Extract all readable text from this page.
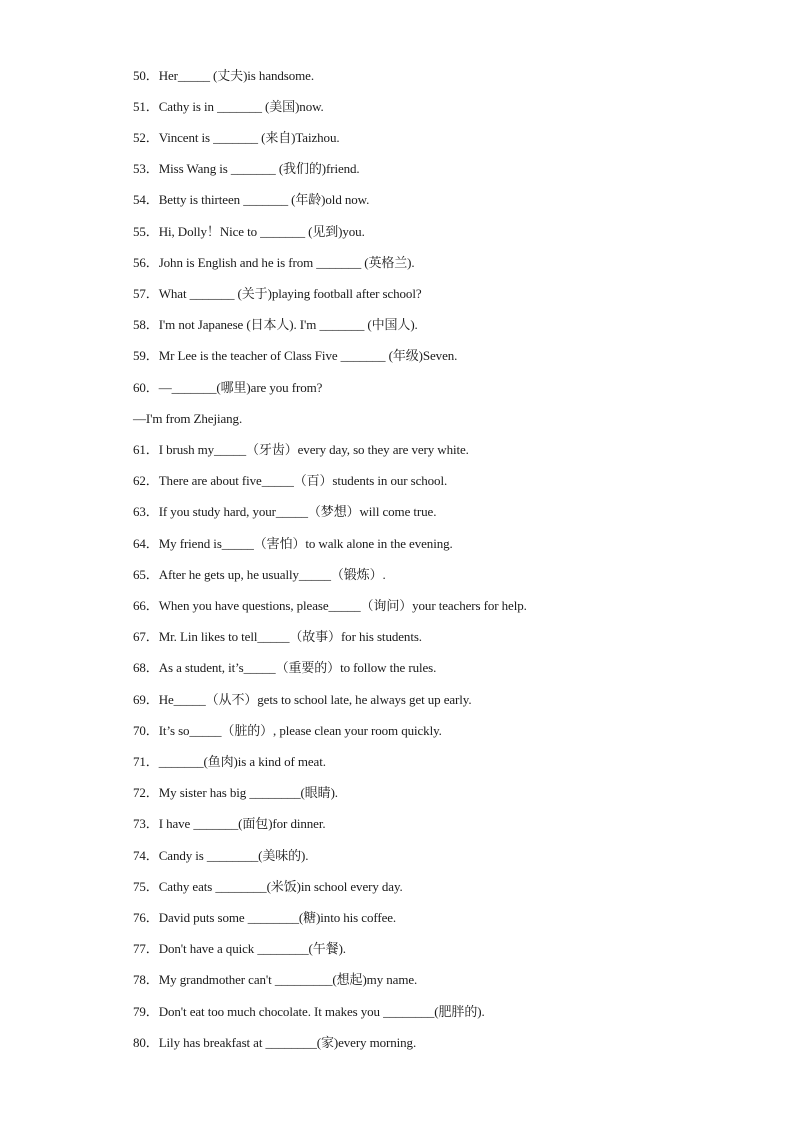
50．Her_____ (丈夫)is handsome.
51．Cathy is in _______ (美国)now.
52．Vincent is _______ (来自)Taizhou.
53．Miss Wang is _______ (我们的)friend.
54．Betty is thirteen _______ (年龄)old now.
55．Hi, Dolly！Nice to _______ (见到)you.
56．John is English and he is from _______ (英格兰).
57．What _______ (关于)playing football after school?
58．I'm not Japanese (日本人). I'm _______ (中国人).
59．Mr Lee is the teacher of Class Five _______ (年级)Seven.
60．—_______(哪里)are you from?
—I'm from Zhejiang.
61．I brush my_____（牙齿）every day, so they are very white.
62．There are about five_____（百）students in our school.
63．If you study hard, your_____（梦想）will come true.
64．My friend is_____（害怕）to walk alone in the evening.
65．After he gets up, he usually_____（锻炼）.
66．When you have questions, please_____（询问）your teachers for help.
67．Mr. Lin likes to tell_____（故事）for his students.
68．As a student, it’s_____（重要的）to follow the rules.
69．He_____（从不）gets to school late, he always get up early.
70．It’s so_____（脏的）, please clean your room quickly.
71．_______(鱼肉)is a kind of meat.
72．My sister has big ________(眼睛).
73．I have _______(面包)for dinner.
74．Candy is ________(美味的).
75．Cathy eats ________(米饭)in school every day.
76．David puts some ________(糖)into his coffee.
77．Don't have a quick ________(午餐).
78．My grandmother can't _________(想起)my name.
79．Don't eat too much chocolate. It makes you ________(肥胖的).
80．Lily has breakfast at ________(家)every morning.
